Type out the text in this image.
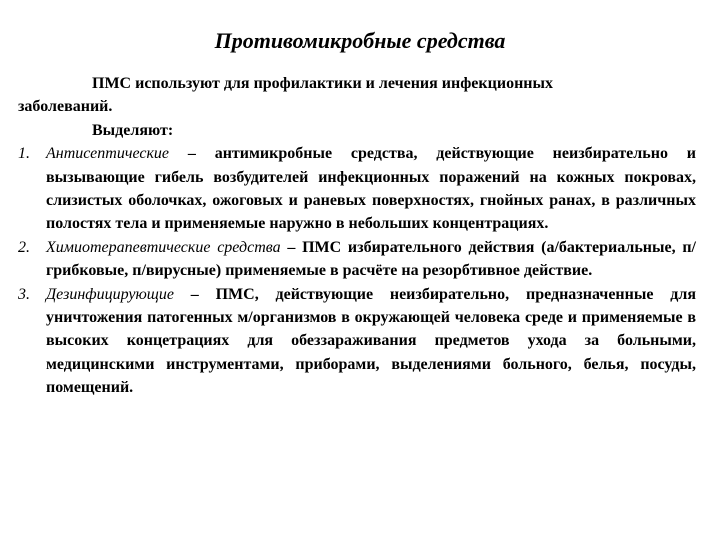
Противомикробные средства

ПМС используют для профилактики и лечения инфекционных

заболеваний.

Выделяют:

1. Антисептические – антимикробные средства, действующие неизбирательно и вызывающие гибель возбудителей инфекционных поражений на кожных покровах, слизистых оболочках, ожоговых и раневых поверхностях, гнойных ранах, в различных полостях тела и применяемые наружно в небольших концентрациях.

2. Химиотерапевтические средства – ПМС избирательного действия (а/бактериальные, п/грибковые, п/вирусные) применяемые в расчёте на резорбтивное действие.

3. Дезинфицирующие – ПМС, действующие неизбирательно, предназначенные для уничтожения патогенных м/организмов в окружающей человека среде и применяемые в высоких концетрациях для обеззараживания предметов ухода за больными, медицинскими инструментами, приборами, выделениями больного, белья, посуды, помещений.
